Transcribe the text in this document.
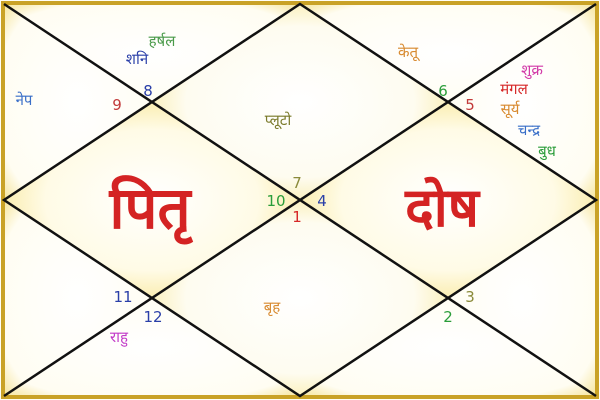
पितृ	दोष
1
2
3
4
5
6
7
8
9
10
11
12
हर्षल
शनि
नेप
केतू
शुक्र
मंगल
सूर्य
चन्द्र
बुध
प्लूटो
बृह
राहु
